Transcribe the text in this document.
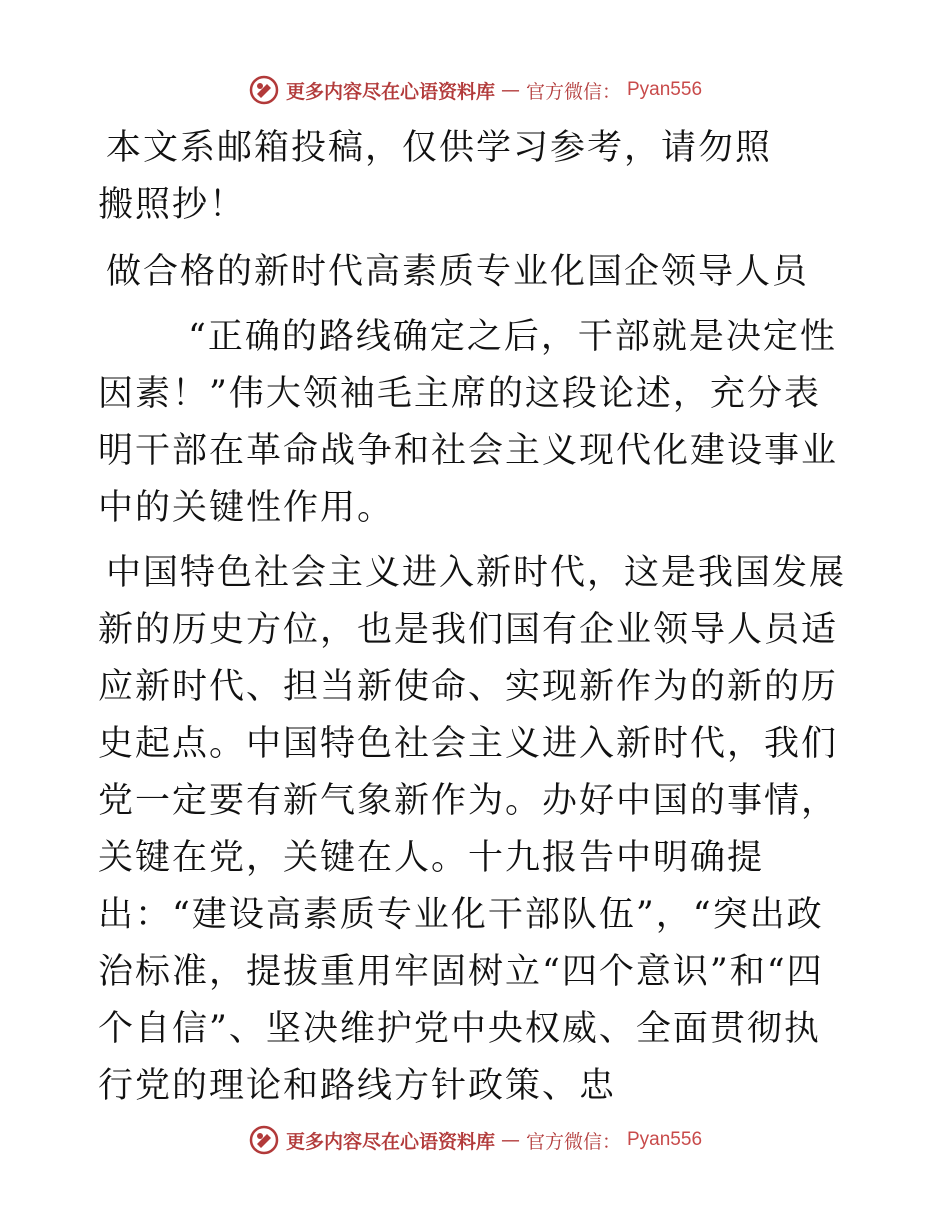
更多内容尽在心语资料库 — 官方微信： Pyan556

本文系邮箱投稿，仅供学习参考，请勿照搬照抄！

做合格的新时代高素质专业化国企领导人员

“正确的路线确定之后，干部就是决定性因素！”伟大领袖毛主席的这段论述，充分表明干部在革命战争和社会主义现代化建设事业中的关键性作用。

中国特色社会主义进入新时代，这是我国发展新的历史方位，也是我们国有企业领导人员适应新时代、担当新使命、实现新作为的新的历史起点。中国特色社会主义进入新时代，我们党一定要有新气象新作为。办好中国的事情，关键在党，关键在人。十九报告中明确提出：“建设高素质专业化干部队伍”，“突出政治标准，提拔重用牢固树立“四个意识”和“四个自信”、坚决维护党中央权威、全面贯彻执行党的理论和路线方针政策、忠

更多内容尽在心语资料库 — 官方微信： Pyan556
